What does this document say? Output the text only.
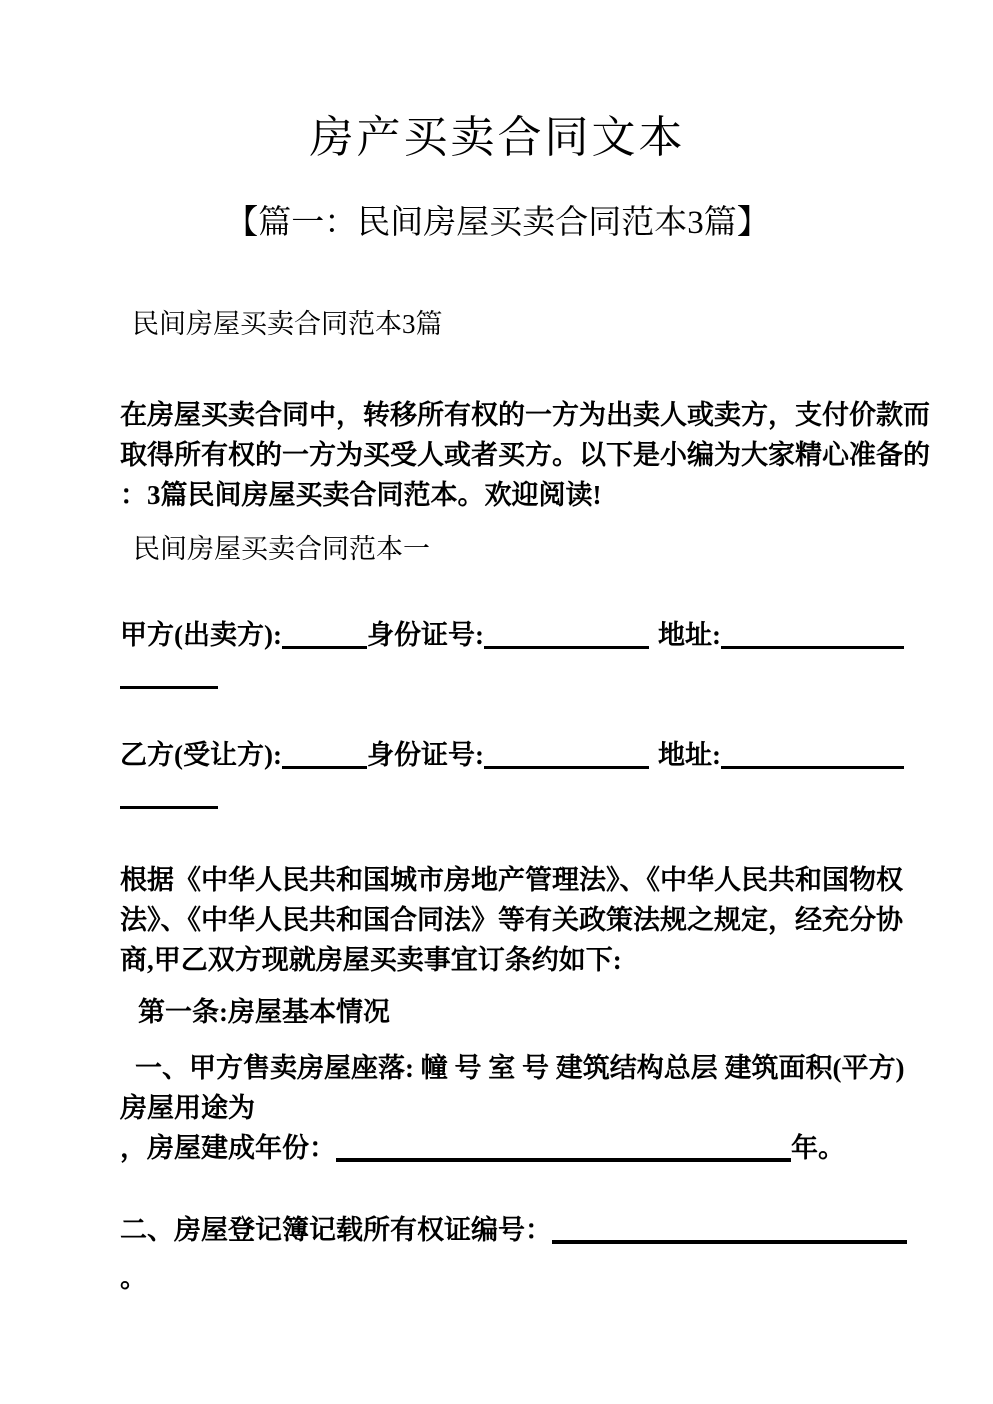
房产买卖合同文本
【篇一：民间房屋买卖合同范本3篇】
民间房屋买卖合同范本3篇
在房屋买卖合同中，转移所有权的一方为出卖人或卖方，支付价款而
取得所有权的一方为买受人或者买方。以下是小编为大家精心准备的
：3篇民间房屋买卖合同范本。欢迎阅读!
民间房屋买卖合同范本一
甲方(出卖方):	身份证号:	地址:
乙方(受让方):	身份证号:	地址:
根据《中华人民共和国城市房地产管理法》、《中华人民共和国物权
法》、《中华人民共和国合同法》等有关政策法规之规定，经充分协
商,甲乙双方现就房屋买卖事宜订条约如下:
第一条:房屋基本情况
一、甲方售卖房屋座落: 幢 号 室 号 建筑结构总层 建筑面积(平方)
房屋用途为
，房屋建成年份：	年。
二、房屋登记簿记载所有权证编号：
。
